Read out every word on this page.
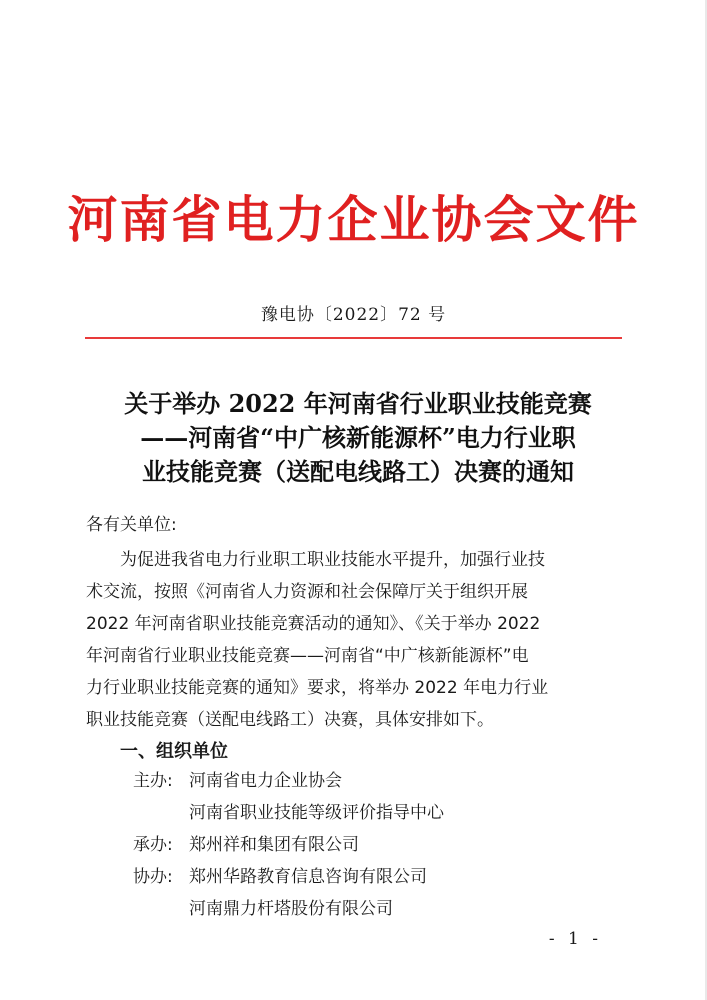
河南省电力企业协会文件
豫电协〔2022〕72 号
关于举办 2022 年河南省行业职业技能竞赛
——河南省“中广核新能源杯”电力行业职
业技能竞赛（送配电线路工）决赛的通知
各有关单位:
　　为促进我省电力行业职工职业技能水平提升，加强行业技
术交流，按照《河南省人力资源和社会保障厅关于组织开展
2022 年河南省职业技能竞赛活动的通知》、《关于举办 2022
年河南省行业职业技能竞赛——河南省“中广核新能源杯”电
力行业职业技能竞赛的通知》要求，将举办 2022 年电力行业
职业技能竞赛（送配电线路工）决赛，具体安排如下。
一、组织单位
主办: 河南省电力企业协会
河南省职业技能等级评价指导中心
承办: 郑州祥和集团有限公司
协办: 郑州华路教育信息咨询有限公司
河南鼎力杆塔股份有限公司
- 1 -
